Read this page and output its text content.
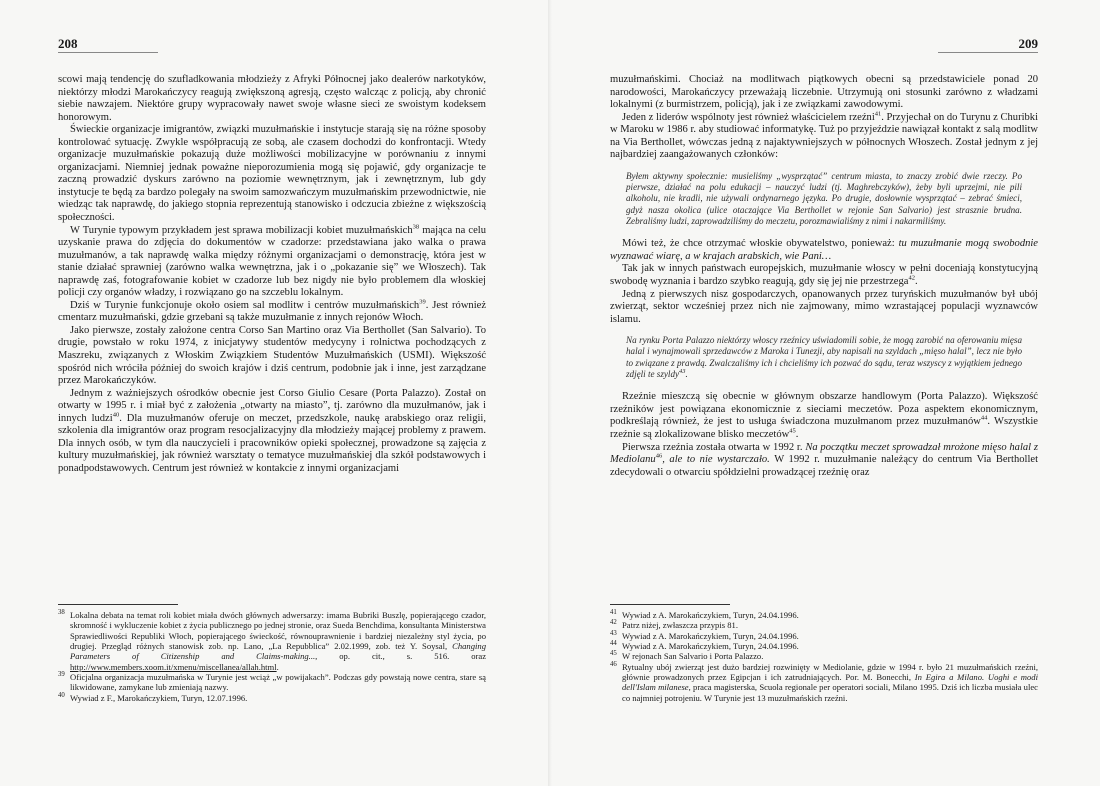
208

scowi mają tendencję do szufladkowania młodzieży z Afryki Północnej jako dealerów narkotyków, niektórzy młodzi Marokańczycy reagują zwiększoną agresją, często walcząc z policją, aby chronić siebie nawzajem. Niektóre grupy wypracowały nawet swoje własne sieci ze swoistym kodeksem honorowym.

Świeckie organizacje imigrantów, związki muzułmańskie i instytucje starają się na różne sposoby kontrolować sytuację. Zwykle współpracują ze sobą, ale czasem dochodzi do konfrontacji. Wtedy organizacje muzułmańskie pokazują duże możliwości mobilizacyjne w porównaniu z innymi organizacjami. Niemniej jednak poważne nieporozumienia mogą się pojawić, gdy organizacje te zaczną prowadzić dyskurs zarówno na poziomie wewnętrznym, jak i zewnętrznym, lub gdy instytucje te będą za bardzo polegały na swoim samozwańczym muzułmańskim przewodnictwie, nie wiedząc tak naprawdę, do jakiego stopnia reprezentują stanowisko i odczucia zbieżne z większością społeczności.

W Turynie typowym przykładem jest sprawa mobilizacji kobiet muzułmańskich$^{38}$ mająca na celu uzyskanie prawa do zdjęcia do dokumentów w czadorze: przedstawiana jako walka o prawa muzułmanów, a tak naprawdę walka między różnymi organizacjami o demonstrację, która jest w stanie działać sprawniej (zarówno walka wewnętrzna, jak i o „pokazanie się” we Włoszech). Tak naprawdę zaś, fotografowanie kobiet w czadorze lub bez nigdy nie było problemem dla włoskiej policji czy organów władzy, i rozwiązano go na szczeblu lokalnym.

Dziś w Turynie funkcjonuje około osiem sal modlitw i centrów muzułmańskich$^{39}$. Jest również cmentarz muzułmański, gdzie grzebani są także muzułmanie z innych rejonów Włoch.

Jako pierwsze, zostały założone centra Corso San Martino oraz Via Berthollet (San Salvario). To drugie, powstało w roku 1974, z inicjatywy studentów medycyny i rolnictwa pochodzących z Maszreku, związanych z Włoskim Związkiem Studentów Muzułmańskich (USMI). Większość spośród nich wróciła później do swoich krajów i dziś centrum, podobnie jak i inne, jest zarządzane przez Marokańczyków.

Jednym z ważniejszych ośrodków obecnie jest Corso Giulio Cesare (Porta Palazzo). Został on otwarty w 1995 r. i miał być z założenia „otwarty na miasto”, tj. zarówno dla muzułmanów, jak i innych ludzi$^{40}$. Dla muzułmanów oferuje on meczet, przedszkole, naukę arabskiego oraz religii, szkolenia dla imigrantów oraz program resocjalizacyjny dla młodzieży mającej problemy z prawem. Dla innych osób, w tym dla nauczycieli i pracowników opieki społecznej, prowadzone są zajęcia z kultury muzułmańskiej, jak również warsztaty o tematyce muzułmańskiej dla szkół podstawowych i ponadpodstawowych. Centrum jest również w kontakcie z innymi organizacjami

38 Lokalna debata na temat roli kobiet miała dwóch głównych adwersarzy: imama Bubriki Buszlę, popierającego czador, skromność i wykluczenie kobiet z życia publicznego po jednej stronie, oraz Sueda Benchdima, konsultanta Ministerstwa Sprawiedliwości Republiki Włoch, popierającego świeckość, równouprawnienie i bardziej niezależny styl życia, po drugiej. Przegląd różnych stanowisk zob. np. Lano, „La Repubblica” 2.02.1999, zob. też Y. Soysal, Changing Parameters of Citizenship and Claims-making..., op. cit., s. 516. oraz http://www.members.xoom.it/xmenu/miscellanea/allah.html.
39 Oficjalna organizacja muzułmańska w Turynie jest wciąż „w powijakach”. Podczas gdy powstają nowe centra, stare są likwidowane, zamykane lub zmieniają nazwy.
40 Wywiad z F., Marokańczykiem, Turyn, 12.07.1996.
209

muzułmańskimi. Chociaż na modlitwach piątkowych obecni są przedstawiciele ponad 20 narodowości, Marokańczycy przeważają liczebnie. Utrzymują oni stosunki zarówno z władzami lokalnymi (z burmistrzem, policją), jak i ze związkami zawodowymi.

Jeden z liderów wspólnoty jest również właścicielem rzeźni$^{41}$. Przyjechał on do Turynu z Churibki w Maroku w 1986 r. aby studiować informatykę. Tuż po przyjeździe nawiązał kontakt z salą modlitw na Via Berthollet, wówczas jedną z najaktywniejszych w północnych Włoszech. Został jednym z jej najbardziej zaangażowanych członków:

Byłem aktywny społecznie: musieliśmy „wysprzątać” centrum miasta, to znaczy zrobić dwie rzeczy. Po pierwsze, działać na polu edukacji – nauczyć ludzi (tj. Maghrebczyków), żeby byli uprzejmi, nie pili alkoholu, nie kradli, nie używali ordynarnego języka. Po drugie, dosłownie wysprzątać – zebrać śmieci, gdyż nasza okolica (ulice otaczające Via Berthollet w rejonie San Salvario) jest strasznie brudna. Zebraliśmy ludzi, zaprowadziliśmy do meczetu, porozmawialiśmy z nimi i nakarmiliśmy.

Mówi też, że chce otrzymać włoskie obywatelstwo, ponieważ: tu muzułmanie mogą swobodnie wyznawać wiarę, a w krajach arabskich, wie Pani…

Tak jak w innych państwach europejskich, muzułmanie włoscy w pełni doceniają konstytucyjną swobodę wyznania i bardzo szybko reagują, gdy się jej nie przestrzega$^{42}$.

Jedną z pierwszych nisz gospodarczych, opanowanych przez turyńskich muzułmanów był ubój zwierząt, sektor wcześniej przez nich nie zajmowany, mimo wzrastającej populacji wyznawców islamu.

Na rynku Porta Palazzo niektórzy włoscy rzeźnicy uświadomili sobie, że mogą zarobić na oferowaniu mięsa halal i wynajmowali sprzedawców z Maroka i Tunezji, aby napisali na szyldach „mięso halal”, lecz nie było to związane z prawdą. Zwalczaliśmy ich i chcieliśmy ich pozwać do sądu, teraz wszyscy z wyjątkiem jednego zdjęli te szyldy$^{43}$.

Rzeźnie mieszczą się obecnie w głównym obszarze handlowym (Porta Palazzo). Większość rzeźników jest powiązana ekonomicznie z sieciami meczetów. Poza aspektem ekonomicznym, podkreślają również, że jest to usługa świadczona muzułmanom przez muzułmanów$^{44}$. Wszystkie rzeźnie są zlokalizowane blisko meczetów$^{45}$.

Pierwsza rzeźnia została otwarta w 1992 r. Na początku meczet sprowadzał mrożone mięso halal z Mediolanu$^{46}$, ale to nie wystarczało. W 1992 r. muzułmanie należący do centrum Via Berthollet zdecydowali o otwarciu spółdzielni prowadzącej rzeźnię oraz

41 Wywiad z A. Marokańczykiem, Turyn, 24.04.1996.
42 Patrz niżej, zwłaszcza przypis 81.
43 Wywiad z A. Marokańczykiem, Turyn, 24.04.1996.
44 Wywiad z A. Marokańczykiem, Turyn, 24.04.1996.
45 W rejonach San Salvario i Porta Palazzo.
46 Rytualny ubój zwierząt jest dużo bardziej rozwinięty w Mediolanie, gdzie w 1994 r. było 21 muzułmańskich rzeźni, głównie prowadzonych przez Egipcjan i ich zatrudniających. Por. M. Bonecchi, In Egira a Milano. Uoghi e modi dell'Islam milanese, praca magisterska, Scuola regionale per operatori sociali, Milano 1995. Dziś ich liczba musiała ulec co najmniej potrojeniu. W Turynie jest 13 muzułmańskich rzeźni.
